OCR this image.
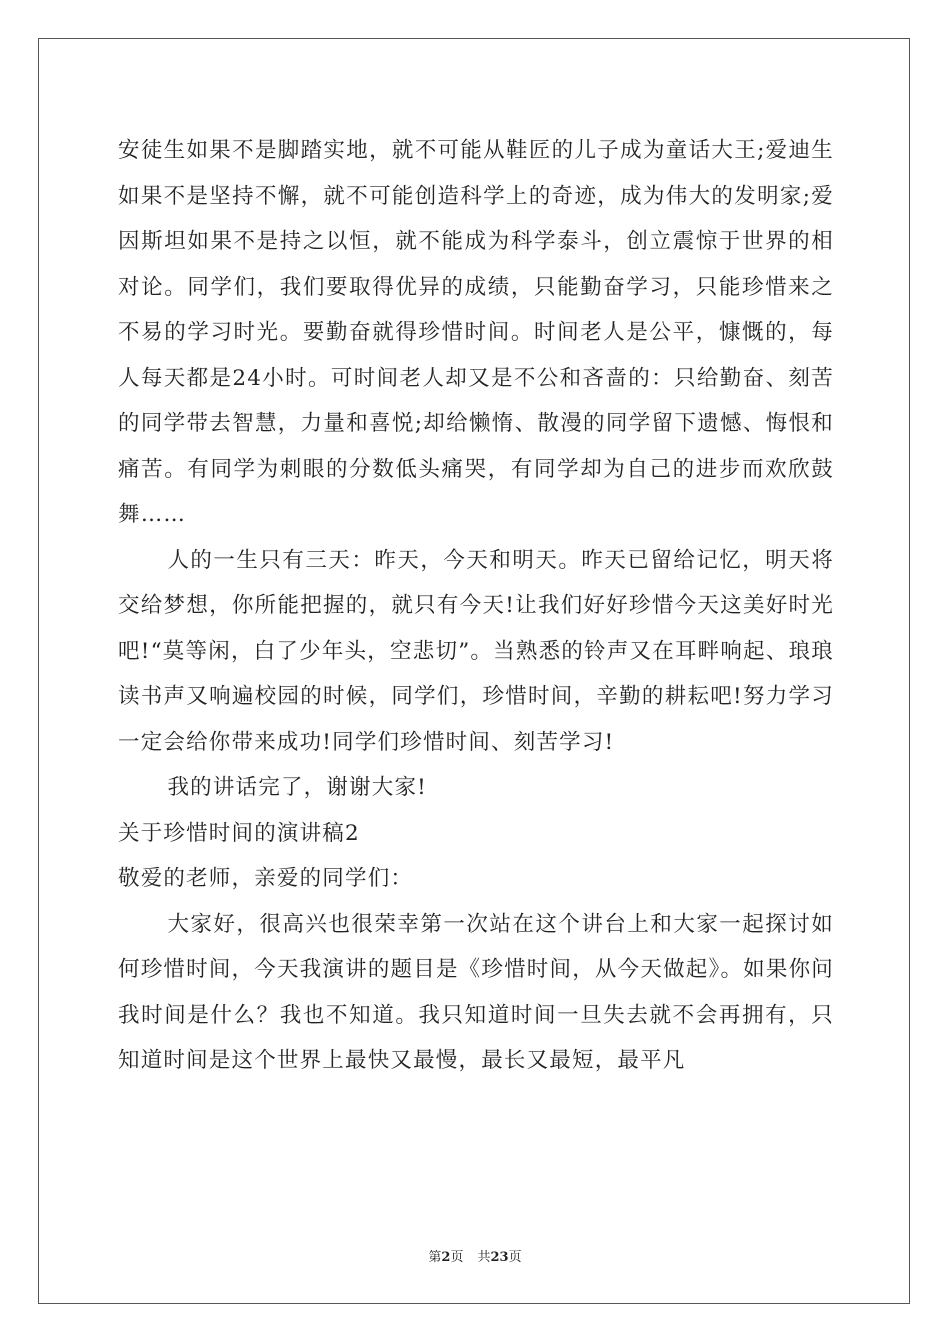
安徒生如果不是脚踏实地，就不可能从鞋匠的儿子成为童话大王;爱迪生如果不是坚持不懈，就不可能创造科学上的奇迹，成为伟大的发明家;爱因斯坦如果不是持之以恒，就不能成为科学泰斗，创立震惊于世界的相对论。同学们，我们要取得优异的成绩，只能勤奋学习，只能珍惜来之不易的学习时光。要勤奋就得珍惜时间。时间老人是公平，慷慨的，每人每天都是24小时。可时间老人却又是不公和吝啬的：只给勤奋、刻苦的同学带去智慧，力量和喜悦;却给懒惰、散漫的同学留下遗憾、悔恨和痛苦。有同学为刺眼的分数低头痛哭，有同学却为自己的进步而欢欣鼓舞……

人的一生只有三天：昨天，今天和明天。昨天已留给记忆，明天将交给梦想，你所能把握的，就只有今天!让我们好好珍惜今天这美好时光吧!“莫等闲，白了少年头，空悲切”。当熟悉的铃声又在耳畔响起、琅琅读书声又响遍校园的时候，同学们，珍惜时间，辛勤的耕耘吧!努力学习一定会给你带来成功!同学们珍惜时间、刻苦学习!

我的讲话完了，谢谢大家!

关于珍惜时间的演讲稿2

敬爱的老师，亲爱的同学们：

大家好，很高兴也很荣幸第一次站在这个讲台上和大家一起探讨如何珍惜时间，今天我演讲的题目是《珍惜时间，从今天做起》。如果你问我时间是什么？我也不知道。我只知道时间一旦失去就不会再拥有，只知道时间是这个世界上最快又最慢，最长又最短，最平凡

第2页 共23页
